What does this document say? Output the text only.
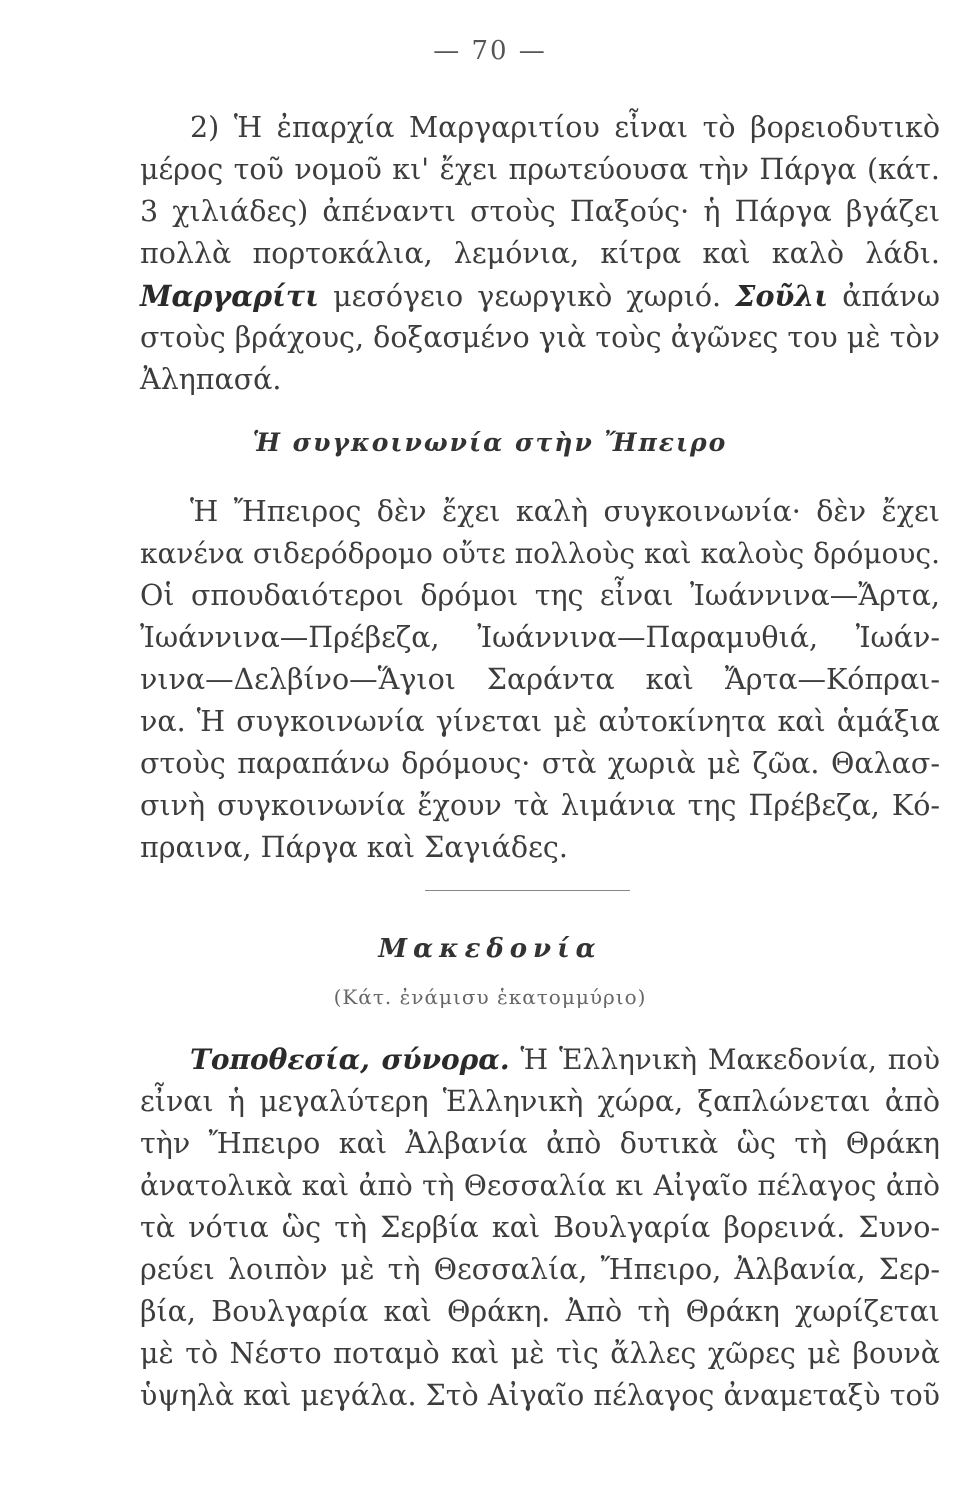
— 70 —
2) Ἡ ἐπαρχία Μαργαριτίου εἶναι τὸ βορειοδυτικὸ
μέρος τοῦ νομοῦ κι' ἔχει πρωτεύουσα τὴν Πάργα (κάτ.
3 χιλιάδες) ἀπέναντι στοὺς Παξούς· ἡ Πάργα βγάζει
πολλὰ πορτοκάλια, λεμόνια, κίτρα καὶ καλὸ λάδι.
Μαργαρίτι μεσόγειο γεωργικὸ χωριό. Σοῦλι ἀπάνω
στοὺς βράχους, δοξασμένο γιὰ τοὺς ἀγῶνες του μὲ τὸν
Ἀληπασά.
Ἡ συγκοινωνία στὴν Ἤπειρο
Ἡ Ἤπειρος δὲν ἔχει καλὴ συγκοινωνία· δὲν ἔχει
κανένα σιδερόδρομο οὔτε πολλοὺς καὶ καλοὺς δρόμους.
Οἱ σπουδαιότεροι δρόμοι της εἶναι Ἰωάννινα—Ἄρτα,
Ἰωάννινα—Πρέβεζα, Ἰωάννινα—Παραμυθιά, Ἰωάν-
νινα—Δελβίνο—Ἅγιοι Σαράντα καὶ Ἄρτα—Κόπραι-
να. Ἡ συγκοινωνία γίνεται μὲ αὐτοκίνητα καὶ ἁμάξια
στοὺς παραπάνω δρόμους· στὰ χωριὰ μὲ ζῶα. Θαλασ-
σινὴ συγκοινωνία ἔχουν τὰ λιμάνια της Πρέβεζα, Κό-
πραινα, Πάργα καὶ Σαγιάδες.
Μακεδονία
(Κάτ. ἐνάμισυ ἑκατομμύριο)
Τοποθεσία, σύνορα. Ἡ Ἑλληνικὴ Μακεδονία, ποὺ
εἶναι ἡ μεγαλύτερη Ἑλληνικὴ χώρα, ξαπλώνεται ἀπὸ
τὴν Ἤπειρο καὶ Ἀλβανία ἀπὸ δυτικὰ ὣς τὴ Θράκη
ἀνατολικὰ καὶ ἀπὸ τὴ Θεσσαλία κι Αἰγαῖο πέλαγος ἀπὸ
τὰ νότια ὣς τὴ Σερβία καὶ Βουλγαρία βορεινά. Συνο-
ρεύει λοιπὸν μὲ τὴ Θεσσαλία, Ἤπειρο, Ἀλβανία, Σερ-
βία, Βουλγαρία καὶ Θράκη. Ἀπὸ τὴ Θράκη χωρίζεται
μὲ τὸ Νέστο ποταμὸ καὶ μὲ τὶς ἄλλες χῶρες μὲ βουνὰ
ὑψηλὰ καὶ μεγάλα. Στὸ Αἰγαῖο πέλαγος ἀναμεταξὺ τοῦ
